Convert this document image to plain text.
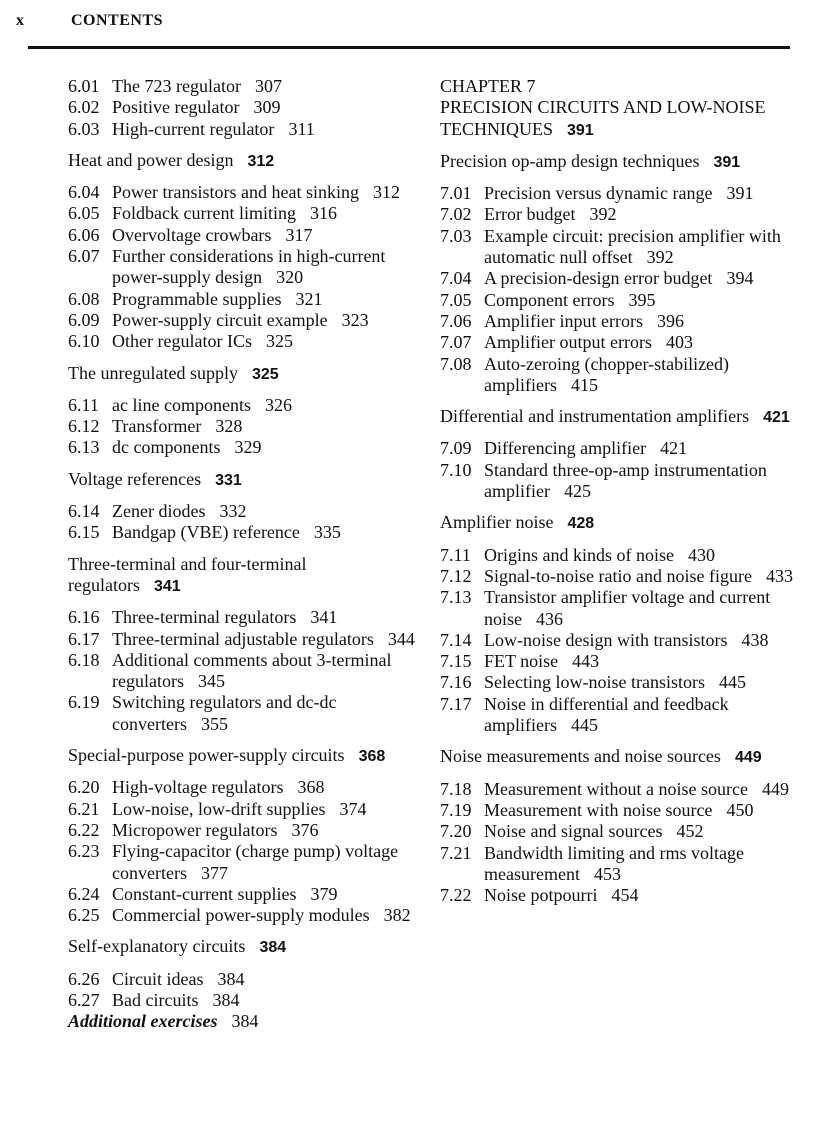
x	CONTENTS
6.01 The 723 regulator 307
6.02 Positive regulator 309
6.03 High-current regulator 311
Heat and power design 312
6.04 Power transistors and heat sinking 312
6.05 Foldback current limiting 316
6.06 Overvoltage crowbars 317
6.07 Further considerations in high-current power-supply design 320
6.08 Programmable supplies 321
6.09 Power-supply circuit example 323
6.10 Other regulator ICs 325
The unregulated supply 325
6.11 ac line components 326
6.12 Transformer 328
6.13 dc components 329
Voltage references 331
6.14 Zener diodes 332
6.15 Bandgap (VBE) reference 335
Three-terminal and four-terminal regulators 341
6.16 Three-terminal regulators 341
6.17 Three-terminal adjustable regulators 344
6.18 Additional comments about 3-terminal regulators 345
6.19 Switching regulators and dc-dc converters 355
Special-purpose power-supply circuits 368
6.20 High-voltage regulators 368
6.21 Low-noise, low-drift supplies 374
6.22 Micropower regulators 376
6.23 Flying-capacitor (charge pump) voltage converters 377
6.24 Constant-current supplies 379
6.25 Commercial power-supply modules 382
Self-explanatory circuits 384
6.26 Circuit ideas 384
6.27 Bad circuits 384
Additional exercises 384
CHAPTER 7
PRECISION CIRCUITS AND LOW-NOISE TECHNIQUES 391
Precision op-amp design techniques 391
7.01 Precision versus dynamic range 391
7.02 Error budget 392
7.03 Example circuit: precision amplifier with automatic null offset 392
7.04 A precision-design error budget 394
7.05 Component errors 395
7.06 Amplifier input errors 396
7.07 Amplifier output errors 403
7.08 Auto-zeroing (chopper-stabilized) amplifiers 415
Differential and instrumentation amplifiers 421
7.09 Differencing amplifier 421
7.10 Standard three-op-amp instrumentation amplifier 425
Amplifier noise 428
7.11 Origins and kinds of noise 430
7.12 Signal-to-noise ratio and noise figure 433
7.13 Transistor amplifier voltage and current noise 436
7.14 Low-noise design with transistors 438
7.15 FET noise 443
7.16 Selecting low-noise transistors 445
7.17 Noise in differential and feedback amplifiers 445
Noise measurements and noise sources 449
7.18 Measurement without a noise source 449
7.19 Measurement with noise source 450
7.20 Noise and signal sources 452
7.21 Bandwidth limiting and rms voltage measurement 453
7.22 Noise potpourri 454
